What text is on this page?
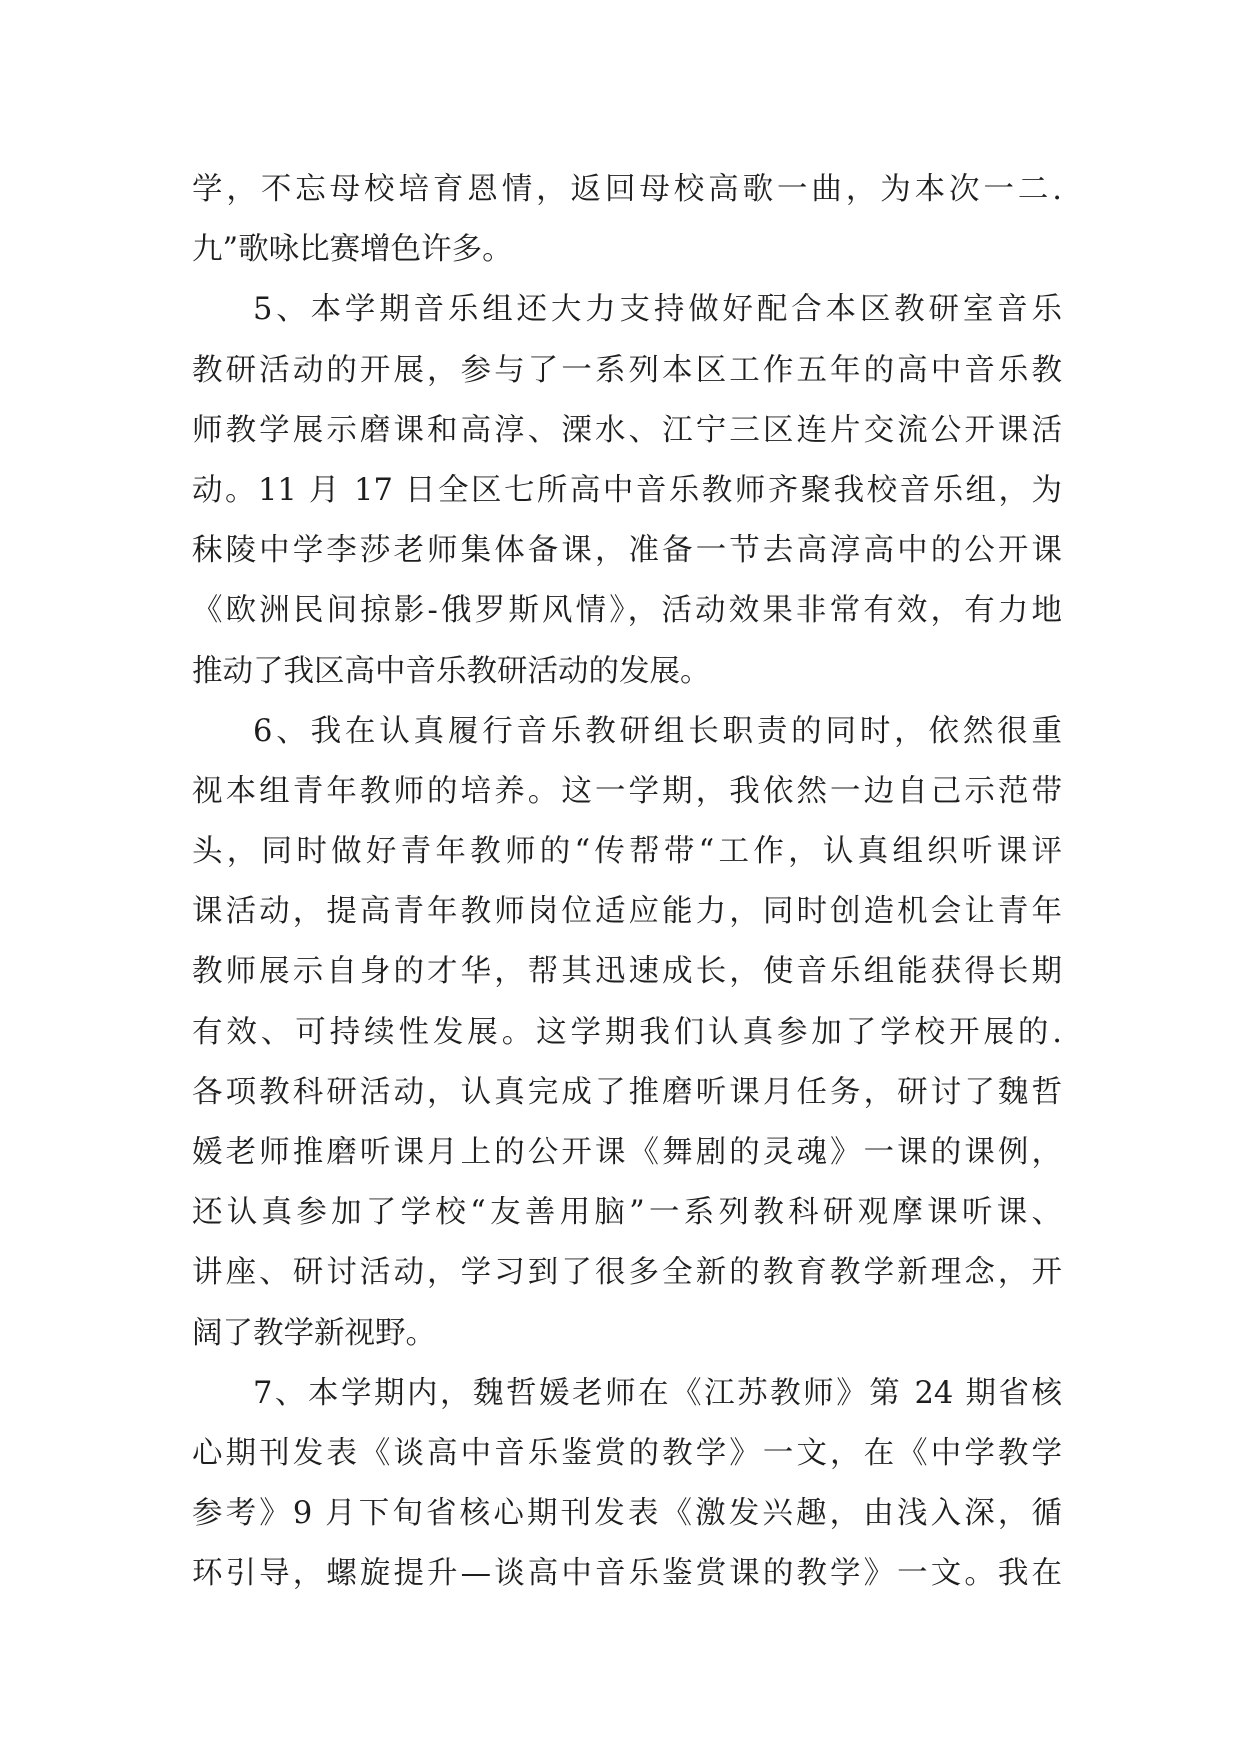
学，不忘母校培育恩情，返回母校高歌一曲，为本次一二.
九”歌咏比赛增色许多。
5、本学期音乐组还大力支持做好配合本区教研室音乐
教研活动的开展，参与了一系列本区工作五年的高中音乐教
师教学展示磨课和高淳、溧水、江宁三区连片交流公开课活
动。11 月 17 日全区七所高中音乐教师齐聚我校音乐组，为
秣陵中学李莎老师集体备课，准备一节去高淳高中的公开课
《欧洲民间掠影-俄罗斯风情》，活动效果非常有效，有力地
推动了我区高中音乐教研活动的发展。
6、我在认真履行音乐教研组长职责的同时，依然很重
视本组青年教师的培养。这一学期，我依然一边自己示范带
头，同时做好青年教师的“传帮带“工作，认真组织听课评
课活动，提高青年教师岗位适应能力，同时创造机会让青年
教师展示自身的才华，帮其迅速成长，使音乐组能获得长期
有效、可持续性发展。这学期我们认真参加了学校开展的.
各项教科研活动，认真完成了推磨听课月任务，研讨了魏哲
媛老师推磨听课月上的公开课《舞剧的灵魂》一课的课例，
还认真参加了学校“友善用脑”一系列教科研观摩课听课、
讲座、研讨活动，学习到了很多全新的教育教学新理念，开
阔了教学新视野。
7、本学期内，魏哲媛老师在《江苏教师》第 24 期省核
心期刊发表《谈高中音乐鉴赏的教学》一文，在《中学教学
参考》9 月下旬省核心期刊发表《激发兴趣，由浅入深，循
环引导，螺旋提升—谈高中音乐鉴赏课的教学》一文。我在
